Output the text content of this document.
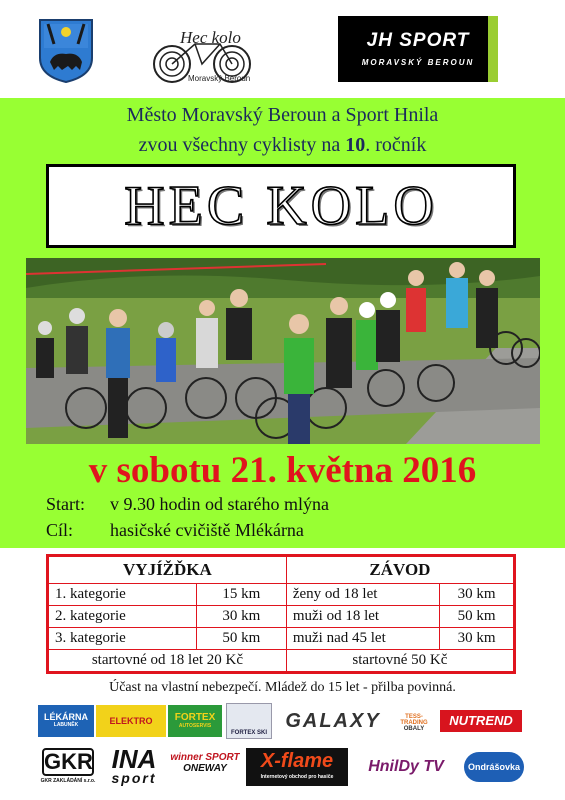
Hec kolo
Moravský Beroun
JH SPORT
MORAVSKÝ BEROUN
Město Moravský Beroun a Sport Hnila
zvou všechny cyklisty na 10. ročník
HEC KOLO
v sobotu 21. května 2016
Start: v 9.30 hodin od starého mlýna
Cíl: hasičské cvičiště Mlékárna
VYJÍŽĎKA		ZÁVOD	
1. kategorie	15 km	ženy od 18 let	30 km
2. kategorie	30 km	muži od 18 let	50 km
3. kategorie	50 km	muži nad 45 let	30 km
startovné od 18 let 20 Kč		startovné 50 Kč	
Účast na vlastní nebezpečí. Mládež do 15 let - přilba povinná.
LÉKÁRNA
LABUNĚK	ELEKTRO	FORTEX
AUTOSERVIS
FORTEX SKI
GALAXY	TESS-TRADING
OBALY
NUTREND
GKR
GKR ZAKLÁDÁNÍ s.r.o.
INA
sport
winner SPORT
ONEWAY	X-flame
Internetový obchod pro hasiče
HnilDy TV	Ondrášovka
